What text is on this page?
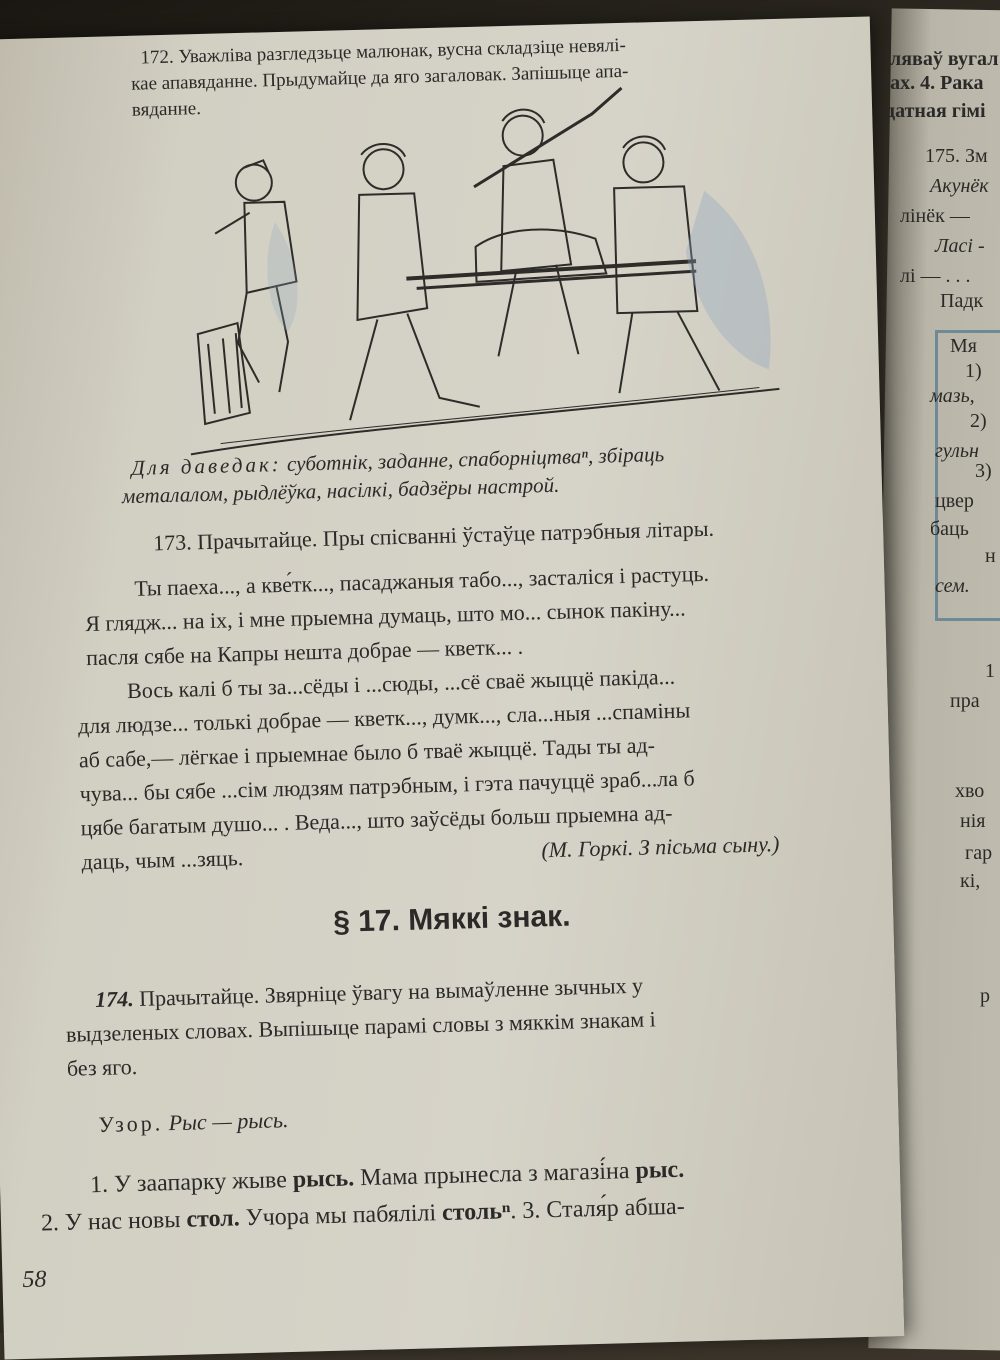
ляваў вугал
тах. 4. Рака
датная гімі
175. Зм
Акунёк
лінёк —
Ласі -
лі — . . .
Падк
Мя
1)
мазь,
2)
гульн
3)
цвер
баць
н
сем.
1
пра
хво
нія
гар
кі,
р
172. Уважліва разгледзьце малюнак, вусна складзіце невялі-
кае апавяданне. Прыдумайце да яго загаловак. Запішыце апа-
вяданне.
Для даведак: суботнік, заданне, спаборніцтваⁿ, збіраць
металалом, рыдлёўка, насілкі, бадзёры настрой.
173. Прачытайце. Пры спісванні ўстаўце патрэбныя літары.
Ты паеха..., а кве́тк..., пасаджаныя табо..., засталіся і растуць.
Я глядж... на іх, і мне прыемна думаць, што мо... сынок пакіну...
пасля сябе на Капры нешта добрае — кветк... .
Вось калі б ты за...сёды і ...сюды, ...сё сваё жыццё пакіда...
для людзе... толькі добрае — кветк..., думк..., сла...ныя ...спаміны
аб сабе,— лёгкае і прыемнае было б тваё жыццё. Тады ты ад-
чува... бы сябе ...сім людзям патрэбным, і гэта пачуццё зраб...ла б
цябе багатым душо... . Веда..., што заўсёды больш прыемна ад-
даць, чым ...зяць.	(М. Горкі. З пісьма сыну.)
§ 17. Мяккі знак.
174. Прачытайце. Звярніце ўвагу на вымаўленне зычных у
выдзеленых словах. Выпішыце парамі словы з мяккім знакам і
без яго.
Узор. Рыс — рысь.
1. У заапарку жыве рысь. Мама прынесла з магазі́на рыс.
2. У нас новы стол. Учора мы пабялілі стольⁿ. 3. Сталя́р абша-
58
